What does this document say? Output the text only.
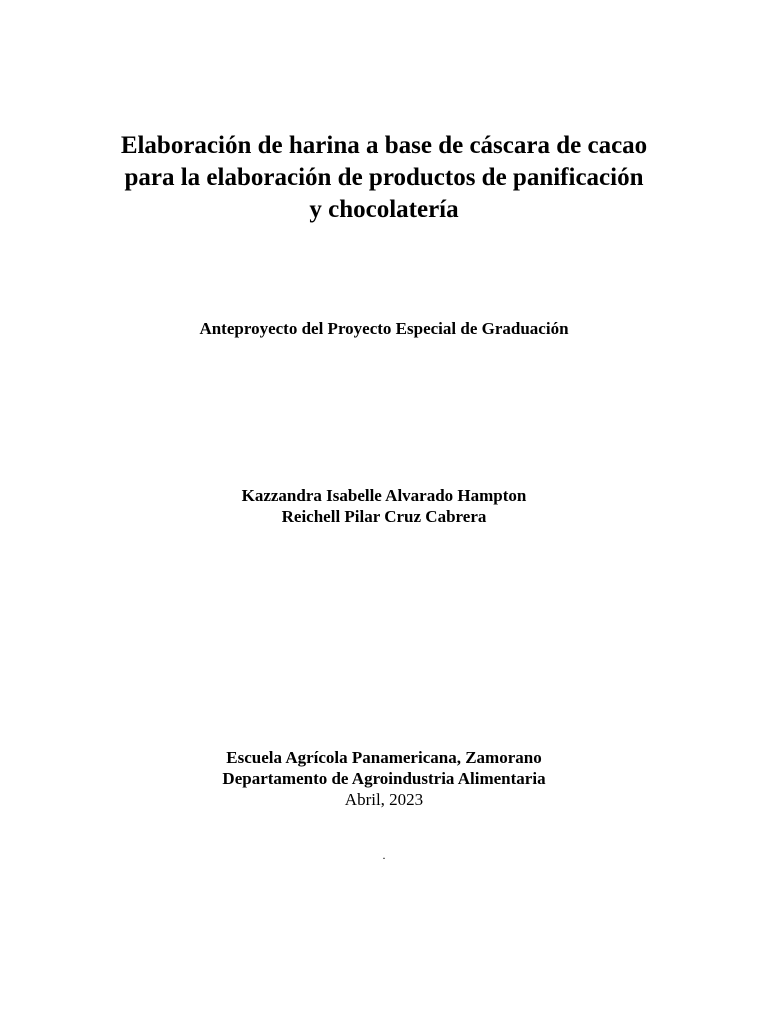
Elaboración de harina a base de cáscara de cacao
para la elaboración de productos de panificación
y chocolatería
Anteproyecto del Proyecto Especial de Graduación
Kazzandra Isabelle Alvarado Hampton
Reichell Pilar Cruz Cabrera
Escuela Agrícola Panamericana, Zamorano
Departamento de Agroindustria Alimentaria
Abril, 2023
.
